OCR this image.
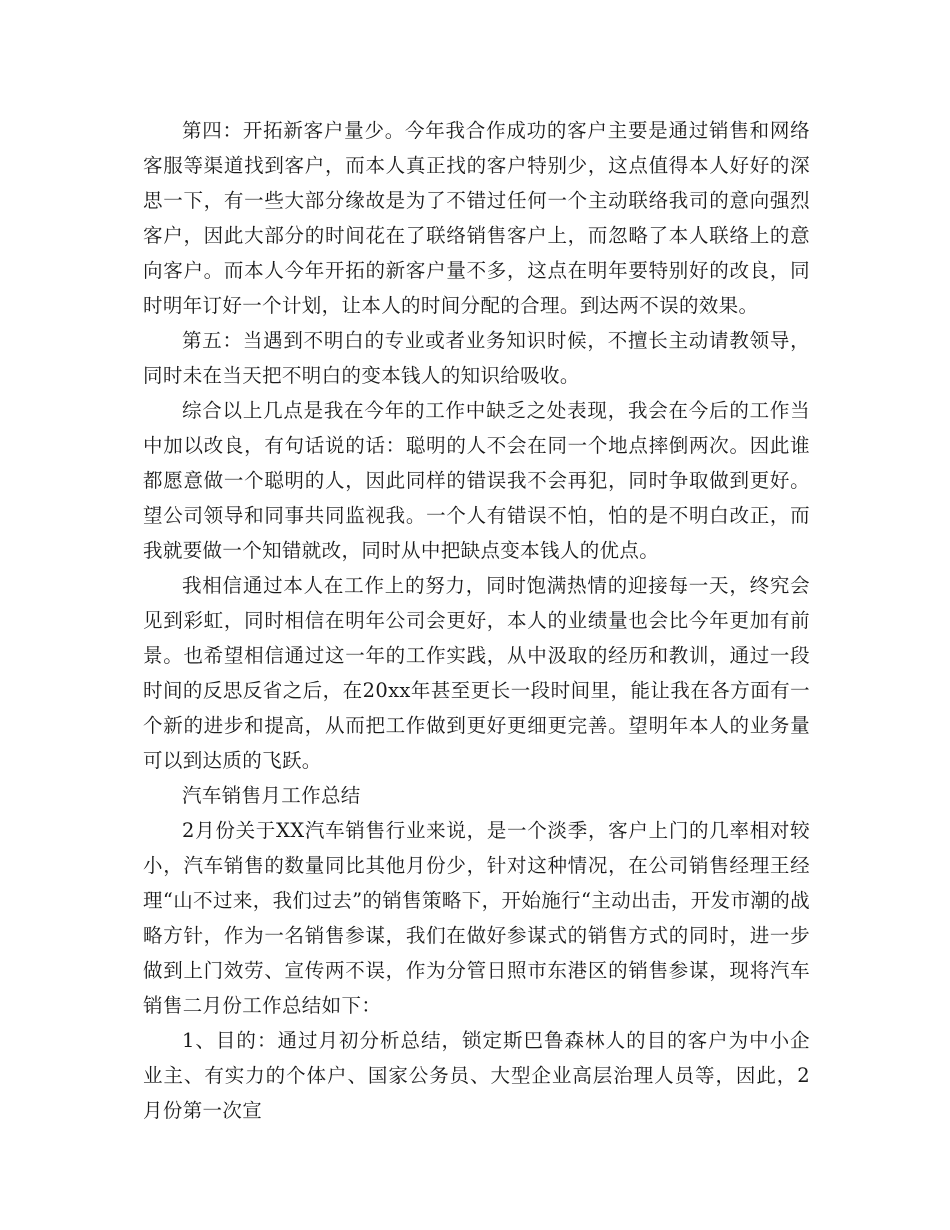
第四：开拓新客户量少。今年我合作成功的客户主要是通过销售和网络客服等渠道找到客户，而本人真正找的客户特别少，这点值得本人好好的深思一下，有一些大部分缘故是为了不错过任何一个主动联络我司的意向强烈客户，因此大部分的时间花在了联络销售客户上，而忽略了本人联络上的意向客户。而本人今年开拓的新客户量不多，这点在明年要特别好的改良，同时明年订好一个计划，让本人的时间分配的合理。到达两不误的效果。

第五：当遇到不明白的专业或者业务知识时候，不擅长主动请教领导，同时未在当天把不明白的变本钱人的知识给吸收。

综合以上几点是我在今年的工作中缺乏之处表现，我会在今后的工作当中加以改良，有句话说的话：聪明的人不会在同一个地点摔倒两次。因此谁都愿意做一个聪明的人，因此同样的错误我不会再犯，同时争取做到更好。望公司领导和同事共同监视我。一个人有错误不怕，怕的是不明白改正，而我就要做一个知错就改，同时从中把缺点变本钱人的优点。

我相信通过本人在工作上的努力，同时饱满热情的迎接每一天，终究会见到彩虹，同时相信在明年公司会更好，本人的业绩量也会比今年更加有前景。也希望相信通过这一年的工作实践，从中汲取的经历和教训，通过一段时间的反思反省之后，在20xx年甚至更长一段时间里，能让我在各方面有一个新的进步和提高，从而把工作做到更好更细更完善。望明年本人的业务量可以到达质的飞跃。

汽车销售月工作总结

2月份关于XX汽车销售行业来说，是一个淡季，客户上门的几率相对较小，汽车销售的数量同比其他月份少，针对这种情况，在公司销售经理王经理“山不过来，我们过去”的销售策略下，开始施行“主动出击，开发市潮的战略方针，作为一名销售参谋，我们在做好参谋式的销售方式的同时，进一步做到上门效劳、宣传两不误，作为分管日照市东港区的销售参谋，现将汽车销售二月份工作总结如下：

1、目的：通过月初分析总结，锁定斯巴鲁森林人的目的客户为中小企业主、有实力的个体户、国家公务员、大型企业高层治理人员等，因此，2月份第一次宣
